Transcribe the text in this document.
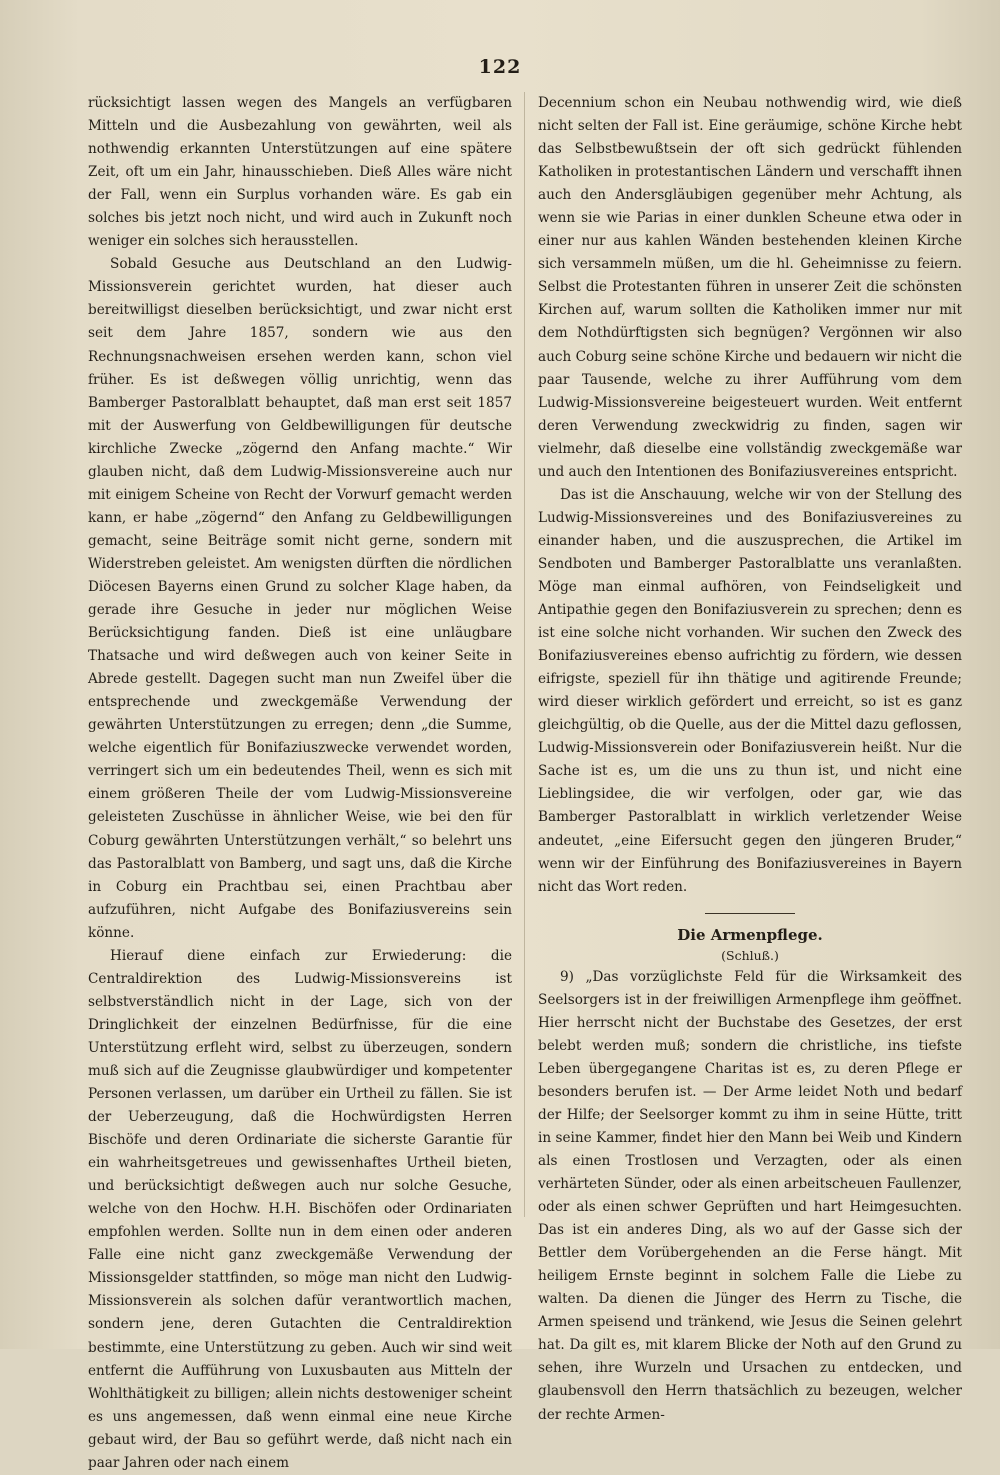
122

rücksichtigt lassen wegen des Mangels an verfügbaren Mitteln und die Ausbezahlung von gewährten, weil als nothwendig erkannten Unterstützungen auf eine spätere Zeit, oft um ein Jahr, hinausschieben. Dieß Alles wäre nicht der Fall, wenn ein Surplus vorhanden wäre. Es gab ein solches bis jetzt noch nicht, und wird auch in Zukunft noch weniger ein solches sich herausstellen.

Sobald Gesuche aus Deutschland an den Ludwig-Missionsverein gerichtet wurden, hat dieser auch bereitwilligst dieselben berücksichtigt, und zwar nicht erst seit dem Jahre 1857, sondern wie aus den Rechnungsnachweisen ersehen werden kann, schon viel früher. Es ist deßwegen völlig unrichtig, wenn das Bamberger Pastoralblatt behauptet, daß man erst seit 1857 mit der Auswerfung von Geldbewilligungen für deutsche kirchliche Zwecke „zögernd den Anfang machte.“ Wir glauben nicht, daß dem Ludwig-Missionsvereine auch nur mit einigem Scheine von Recht der Vorwurf gemacht werden kann, er habe „zögernd“ den Anfang zu Geldbewilligungen gemacht, seine Beiträge somit nicht gerne, sondern mit Widerstreben geleistet. Am wenigsten dürften die nördlichen Diöcesen Bayerns einen Grund zu solcher Klage haben, da gerade ihre Gesuche in jeder nur möglichen Weise Berücksichtigung fanden. Dieß ist eine unläugbare Thatsache und wird deßwegen auch von keiner Seite in Abrede gestellt. Dagegen sucht man nun Zweifel über die entsprechende und zweckgemäße Verwendung der gewährten Unterstützungen zu erregen; denn „die Summe, welche eigentlich für Bonifaziuszwecke verwendet worden, verringert sich um ein bedeutendes Theil, wenn es sich mit einem größeren Theile der vom Ludwig-Missionsvereine geleisteten Zuschüsse in ähnlicher Weise, wie bei den für Coburg gewährten Unterstützungen verhält,“ so belehrt uns das Pastoralblatt von Bamberg, und sagt uns, daß die Kirche in Coburg ein Prachtbau sei, einen Prachtbau aber aufzuführen, nicht Aufgabe des Bonifaziusvereins sein könne.

Hierauf diene einfach zur Erwiederung: die Centraldirektion des Ludwig-Missionsvereins ist selbstverständlich nicht in der Lage, sich von der Dringlichkeit der einzelnen Bedürfnisse, für die eine Unterstützung erfleht wird, selbst zu überzeugen, sondern muß sich auf die Zeugnisse glaubwürdiger und kompetenter Personen verlassen, um darüber ein Urtheil zu fällen. Sie ist der Ueberzeugung, daß die Hochwürdigsten Herren Bischöfe und deren Ordinariate die sicherste Garantie für ein wahrheitsgetreues und gewissenhaftes Urtheil bieten, und berücksichtigt deßwegen auch nur solche Gesuche, welche von den Hochw. H.H. Bischöfen oder Ordinariaten empfohlen werden. Sollte nun in dem einen oder anderen Falle eine nicht ganz zweckgemäße Verwendung der Missionsgelder stattfinden, so möge man nicht den Ludwig-Missionsverein als solchen dafür verantwortlich machen, sondern jene, deren Gutachten die Centraldirektion bestimmte, eine Unterstützung zu geben. Auch wir sind weit entfernt die Aufführung von Luxusbauten aus Mitteln der Wohlthätigkeit zu billigen; allein nichts destoweniger scheint es uns angemessen, daß wenn einmal eine neue Kirche gebaut wird, der Bau so geführt werde, daß nicht nach ein paar Jahren oder nach einem

Decennium schon ein Neubau nothwendig wird, wie dieß nicht selten der Fall ist. Eine geräumige, schöne Kirche hebt das Selbstbewußtsein der oft sich gedrückt fühlenden Katholiken in protestantischen Ländern und verschafft ihnen auch den Andersgläubigen gegenüber mehr Achtung, als wenn sie wie Parias in einer dunklen Scheune etwa oder in einer nur aus kahlen Wänden bestehenden kleinen Kirche sich versammeln müßen, um die hl. Geheimnisse zu feiern. Selbst die Protestanten führen in unserer Zeit die schönsten Kirchen auf, warum sollten die Katholiken immer nur mit dem Nothdürftigsten sich begnügen? Vergönnen wir also auch Coburg seine schöne Kirche und bedauern wir nicht die paar Tausende, welche zu ihrer Aufführung vom dem Ludwig-Missionsvereine beigesteuert wurden. Weit entfernt deren Verwendung zweckwidrig zu finden, sagen wir vielmehr, daß dieselbe eine vollständig zweckgemäße war und auch den Intentionen des Bonifaziusvereines entspricht.

Das ist die Anschauung, welche wir von der Stellung des Ludwig-Missionsvereines und des Bonifaziusvereines zu einander haben, und die auszusprechen, die Artikel im Sendboten und Bamberger Pastoralblatte uns veranlaßten. Möge man einmal aufhören, von Feindseligkeit und Antipathie gegen den Bonifaziusverein zu sprechen; denn es ist eine solche nicht vorhanden. Wir suchen den Zweck des Bonifaziusvereines ebenso aufrichtig zu fördern, wie dessen eifrigste, speziell für ihn thätige und agitirende Freunde; wird dieser wirklich gefördert und erreicht, so ist es ganz gleichgültig, ob die Quelle, aus der die Mittel dazu geflossen, Ludwig-Missionsverein oder Bonifaziusverein heißt. Nur die Sache ist es, um die uns zu thun ist, und nicht eine Lieblingsidee, die wir verfolgen, oder gar, wie das Bamberger Pastoralblatt in wirklich verletzender Weise andeutet, „eine Eifersucht gegen den jüngeren Bruder,“ wenn wir der Einführung des Bonifaziusvereines in Bayern nicht das Wort reden.

Die Armenpflege.
(Schluß.)

9) „Das vorzüglichste Feld für die Wirksamkeit des Seelsorgers ist in der freiwilligen Armenpflege ihm geöffnet. Hier herrscht nicht der Buchstabe des Gesetzes, der erst belebt werden muß; sondern die christliche, ins tiefste Leben übergegangene Charitas ist es, zu deren Pflege er besonders berufen ist. — Der Arme leidet Noth und bedarf der Hilfe; der Seelsorger kommt zu ihm in seine Hütte, tritt in seine Kammer, findet hier den Mann bei Weib und Kindern als einen Trostlosen und Verzagten, oder als einen verhärteten Sünder, oder als einen arbeitscheuen Faullenzer, oder als einen schwer Geprüften und hart Heimgesuchten. Das ist ein anderes Ding, als wo auf der Gasse sich der Bettler dem Vorübergehenden an die Ferse hängt. Mit heiligem Ernste beginnt in solchem Falle die Liebe zu walten. Da dienen die Jünger des Herrn zu Tische, die Armen speisend und tränkend, wie Jesus die Seinen gelehrt hat. Da gilt es, mit klarem Blicke der Noth auf den Grund zu sehen, ihre Wurzeln und Ursachen zu entdecken, und glaubensvoll den Herrn thatsächlich zu bezeugen, welcher der rechte Armen-
